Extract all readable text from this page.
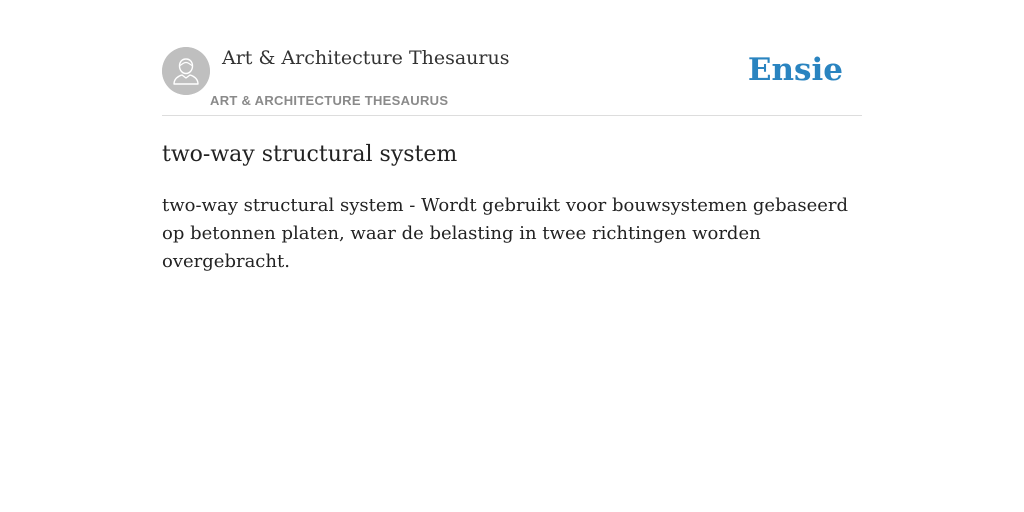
Art & Architecture Thesaurus
ART & ARCHITECTURE THESAURUS
Ensie
two-way structural system

two-way structural system - Wordt gebruikt voor bouwsystemen gebaseerd op betonnen platen, waar de belasting in twee richtingen worden overgebracht.
